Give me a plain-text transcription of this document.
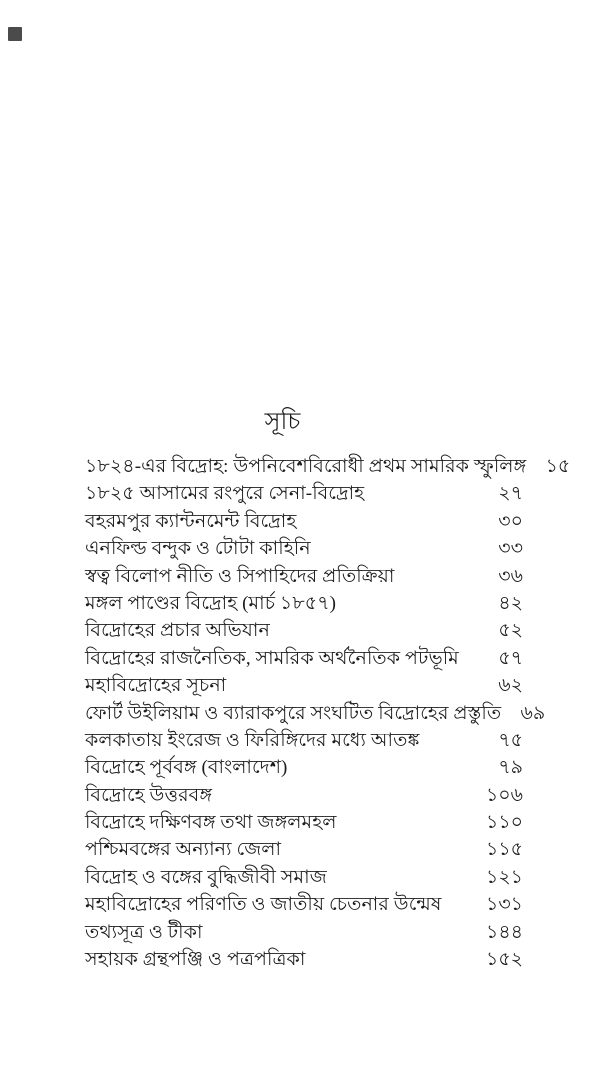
সূচি
১৮২৪-এর বিদ্রোহ: উপনিবেশবিরোধী প্রথম সামরিক স্ফুলিঙ্গ	১৫
১৮২৫ আসামের রংপুরে সেনা-বিদ্রোহ	২৭
বহরমপুর ক্যান্টনমেন্ট বিদ্রোহ	৩০
এনফিল্ড বন্দুক ও টোটা কাহিনি	৩৩
স্বত্ব বিলোপ নীতি ও সিপাহিদের প্রতিক্রিয়া	৩৬
মঙ্গল পাণ্ডের বিদ্রোহ (মার্চ ১৮৫৭)	৪২
বিদ্রোহের প্রচার অভিযান	৫২
বিদ্রোহের রাজনৈতিক, সামরিক অর্থনৈতিক পটভূমি	৫৭
মহাবিদ্রোহের সূচনা	৬২
ফোর্ট উইলিয়াম ও ব্যারাকপুরে সংঘটিত বিদ্রোহের প্রস্তুতি	৬৯
কলকাতায় ইংরেজ ও ফিরিঙ্গিদের মধ্যে আতঙ্ক	৭৫
বিদ্রোহে পূর্ববঙ্গ (বাংলাদেশ)	৭৯
বিদ্রোহে উত্তরবঙ্গ	১০৬
বিদ্রোহে দক্ষিণবঙ্গ তথা জঙ্গলমহল	১১০
পশ্চিমবঙ্গের অন্যান্য জেলা	১১৫
বিদ্রোহ ও বঙ্গের বুদ্ধিজীবী সমাজ	১২১
মহাবিদ্রোহের পরিণতি ও জাতীয় চেতনার উন্মেষ	১৩১
তথ্যসূত্র ও টীকা	১৪৪
সহায়ক গ্রন্থপঞ্জি ও পত্রপত্রিকা	১৫২
